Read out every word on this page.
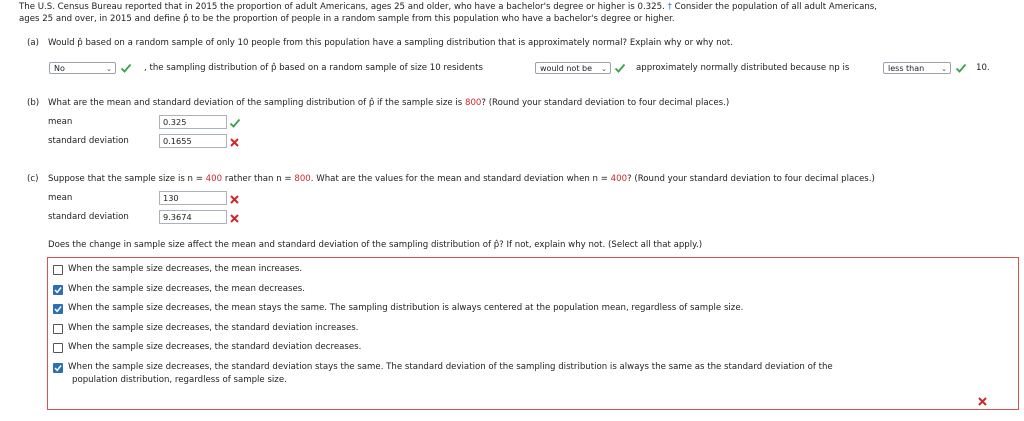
The U.S. Census Bureau reported that in 2015 the proportion of adult Americans, ages 25 and older, who have a bachelor's degree or higher is 0.325. † Consider the population of all adult Americans,
ages 25 and over, in 2015 and define p̂ to be the proportion of people in a random sample from this population who have a bachelor's degree or higher.
(a) Would p̂ based on a random sample of only 10 people from this population have a sampling distribution that is approximately normal? Explain why or why not.
No	⌄	, the sampling distribution of p̂ based on a random sample of size 10 residents	would not be ⌄	approximately normally distributed because np is	less than ⌄	10.
(b) What are the mean and standard deviation of the sampling distribution of p̂ if the sample size is 800? (Round your standard deviation to four decimal places.)
mean	0.325
standard deviation	0.1655
(c) Suppose that the sample size is n = 400 rather than n = 800. What are the values for the mean and standard deviation when n = 400? (Round your standard deviation to four decimal places.)
mean	130
standard deviation	9.3674
Does the change in sample size affect the mean and standard deviation of the sampling distribution of p̂? If not, explain why not. (Select all that apply.)
When the sample size decreases, the mean increases.
When the sample size decreases, the mean decreases.
When the sample size decreases, the mean stays the same. The sampling distribution is always centered at the population mean, regardless of sample size.
When the sample size decreases, the standard deviation increases.
When the sample size decreases, the standard deviation decreases.
When the sample size decreases, the standard deviation stays the same. The standard deviation of the sampling distribution is always the same as the standard deviation of the
population distribution, regardless of sample size.
